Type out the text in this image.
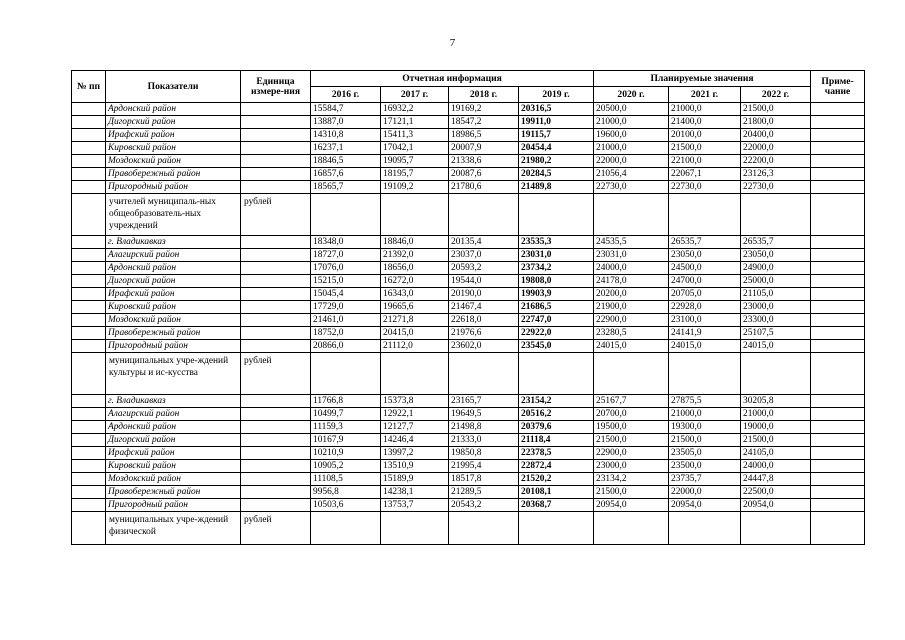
7
№ пп	Показатели	Единица измере-ния	Отчетная информация				Планируемые значения			Приме-чание

			2016 г.	2017 г.	2018 г.	2019 г.	2020 г.	2021 г.	2022 г.	
	Ардонский район		15584,7	16932,2	19169,2	20316,5	20500,0	21000,0	21500,0	
	Дигорский район		13887,0	17121,1	18547,2	19911,0	21000,0	21400,0	21800,0	
	Ирафский район		14310,8	15411,3	18986,5	19115,7	19600,0	20100,0	20400,0	
	Кировский район		16237,1	17042,1	20007,9	20454,4	21000,0	21500,0	22000,0	
	Моздокский район		18846,5	19095,7	21338,6	21980,2	22000,0	22100,0	22200,0	
	Правобережный район		16857,6	18195,7	20087,6	20284,5	21056,4	22067,1	23126,3	
	Пригородный район		18565,7	19109,2	21780,6	21489,8	22730,0	22730,0	22730,0	
	учителей муниципаль-ных общеобразователь-ных учреждений	рублей								
	г. Владикавказ		18348,0	18846,0	20135,4	23535,3	24535,5	26535,7	26535,7	
	Алагирский район		18727,0	21392,0	23037,0	23031,0	23031,0	23050,0	23050,0	
	Ардонский район		17076,0	18656,0	20593,2	23734,2	24000,0	24500,0	24900,0	
	Дигорский район		15215,0	16272,0	19544,0	19808,0	24178,0	24700,0	25000,0	
	Ирафский район		15045,4	16343,0	20190,0	19903,9	20200,0	20705,0	21105,0	
	Кировский район		17729,0	19665,6	21467,4	21686,5	21900,0	22928,0	23000,0	
	Моздокский район		21461,0	21271,8	22618,0	22747,0	22900,0	23100,0	23300,0	
	Правобережный район		18752,0	20415,0	21976,6	22922,0	23280,5	24141,9	25107,5	
	Пригородный район		20866,0	21112,0	23602,0	23545,0	24015,0	24015,0	24015,0	
	муниципальных учре-ждений культуры и ис-кусства	рублей								
	г. Владикавказ		11766,8	15373,8	23165,7	23154,2	25167,7	27875,5	30205,8	
	Алагирский район		10499,7	12922,1	19649,5	20516,2	20700,0	21000,0	21000,0	
	Ардонский район		11159,3	12127,7	21498,8	20379,6	19500,0	19300,0	19000,0	
	Дигорский район		10167,9	14246,4	21333,0	21118,4	21500,0	21500,0	21500,0	
	Ирафский район		10210,9	13997,2	19850,8	22378,5	22900,0	23505,0	24105,0	
	Кировский район		10905,2	13510,9	21995,4	22872,4	23000,0	23500,0	24000,0	
	Моздокский район		11108,5	15189,9	18517,8	21520,2	23134,2	23735,7	24447,8	
	Правобережный район		9956,8	14238,1	21289,5	20108,1	21500,0	22000,0	22500,0	
	Пригородный район		10503,6	13753,7	20543,2	20368,7	20954,0	20954,0	20954,0	
	муниципальных учре-ждений физической	рублей								
